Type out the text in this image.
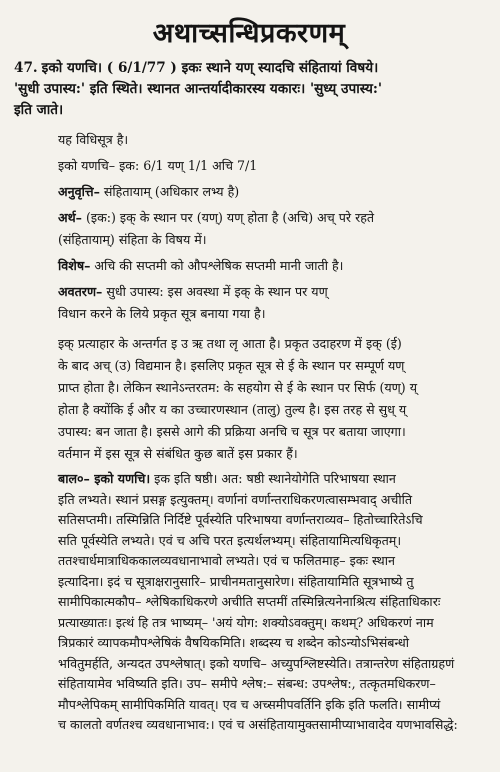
अथाच्सन्धिप्रकरणम्
47. इको यणचि। ( 6/1/77 ) इकः स्थाने यण् स्यादचि संहितायां विषये।
'सुधी उपास्य:' इति स्थिते। स्थानत आन्तर्यादीकारस्य यकारः। 'सुध्य् उपास्य:'
इति जाते।

यह विधिसूत्र है।

इको यणचि– इक: 6/1 यण् 1/1 अचि 7/1

अनुवृत्ति– संहितायाम् (अधिकार लभ्य है)

अर्थ– (इक:) इक् के स्थान पर (यण्) यण् होता है (अचि) अच् परे रहते
(संहितायाम्) संहिता के विषय में।

विशेष– अचि की सप्तमी को औपश्लेषिक सप्तमी मानी जाती है।

अवतरण– सुधी उपास्य: इस अवस्था में इक् के स्थान पर यण्
विधान करने के लिये प्रकृत सूत्र बनाया गया है।
इक् प्रत्याहार के अन्तर्गत इ उ ऋ तथा लृ आता है। प्रकृत उदाहरण में इक् (ई)
के बाद अच् (उ) विद्यमान है। इसलिए प्रकृत सूत्र से ई के स्थान पर सम्पूर्ण यण्
प्राप्त होता है। लेकिन स्थानेऽन्तरतम: के सहयोग से ई के स्थान पर सिर्फ (यण्) य्
होता है क्योंकि ई और य का उच्चारणस्थान (तालु) तुल्य है। इस तरह से सुध् य्
उपास्य: बन जाता है। इससे आगे की प्रक्रिया अनचि च सूत्र पर बताया जाएगा।
वर्तमान में इस सूत्र से संबंधित कुछ बातें इस प्रकार हैं।
बाल०– इको यणचि। इक इति षष्ठी। अत: षष्ठी स्थानेयोगेति परिभाषया स्थान
इति लभ्यते। स्थानं प्रसङ्ग इत्युक्तम्। वर्णानां वर्णान्तराधिकरणत्वासम्भवाद् अचीति
सतिसप्तमी। तस्मिन्निति निर्दिष्टे पूर्वस्येति परिभाषया वर्णान्तराव्यव– हितोच्चारितेऽचि
सति पूर्वस्येति लभ्यते। एवं च अचि परत इत्यर्थलभ्यम्। संहितायामित्यधिकृतम्।
ततश्चार्धमात्राधिककालव्यवधानाभावो लभ्यते। एवं च फलितमाह– इकः स्थान
इत्यादिना। इदं च सूत्राक्षरानुसारि– प्राचीनमतानुसारेण। संहितायामिति सूत्रभाष्ये तु
सामीपिकात्मकौप– श्लेषिकाधिकरणे अचीति सप्तमीं तस्मिन्नित्यनेनाश्रित्य संहिताधिकारः
प्रत्याख्यातः। इत्थं हि तत्र भाष्यम्– 'अयं योग: शक्योऽवक्तुम्। कथम्? अधिकरणं नाम
त्रिप्रकारं व्यापकमौपश्लेषिकं वैषयिकमिति। शब्दस्य च शब्देन कोऽन्योऽभिसंबन्धो
भवितुमर्हति, अन्यदत उपश्लेषात्। इको यणचि– अच्युपश्लिष्टस्येति। तत्रान्तरेण संहिताग्रहणं
संहितायामेव भविष्यति इति। उप– समीपे श्लेष:– संबन्ध: उपश्लेष:, तत्कृतमधिकरण–
मौपश्लेपिकम् सामीपिकमिति यावत्। एव च अच्समीपवर्तिनि इकि इति फलति। सामीप्यं
च कालतो वर्णतश्च व्यवधानाभाव:। एवं च असंहितायामुक्तसामीप्याभावादेव यणभावसिद्धे:
